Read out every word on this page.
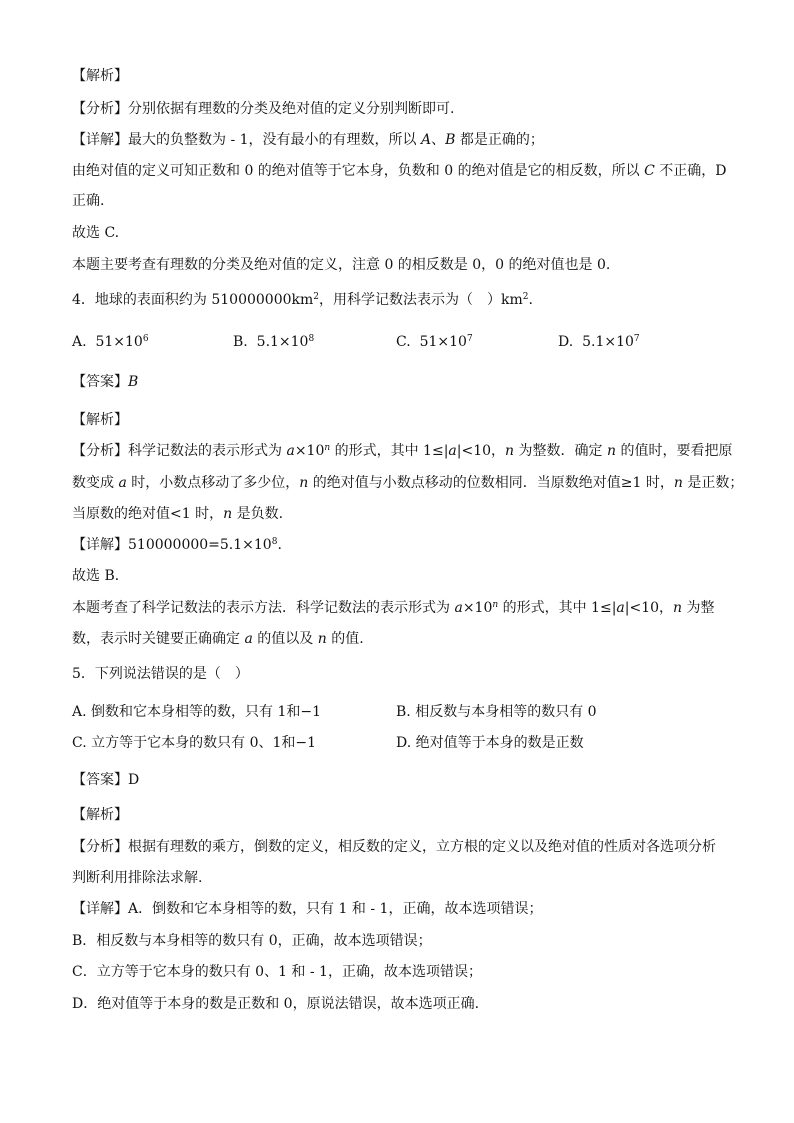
【解析】
【分析】分别依据有理数的分类及绝对值的定义分别判断即可.
【详解】最大的负整数为 - 1，没有最小的有理数，所以 A、B 都是正确的；
由绝对值的定义可知正数和 0 的绝对值等于它本身，负数和 0 的绝对值是它的相反数，所以 C 不正确，D
正确.
故选 C.
本题主要考查有理数的分类及绝对值的定义，注意 0 的相反数是 0，0 的绝对值也是 0.
4．地球的表面积约为 $510000000km^2$，用科学记数法表示为（　）$km^2$.
A. $51\times 10^6$	B. $5.1\times 10^8$	C. $51\times 10^7$	D. $5.1\times 10^7$
【答案】B
【解析】
【分析】科学记数法的表示形式为 $a\times 10^n$ 的形式，其中 1≤|a|<10，n 为整数．确定 n 的值时，要看把原
数变成 a 时，小数点移动了多少位，n 的绝对值与小数点移动的位数相同．当原数绝对值≥1 时，n 是正数；
当原数的绝对值<1 时，n 是负数.
【详解】$510000000=5.1\times 10^8$.
故选 B．
本题考查了科学记数法的表示方法．科学记数法的表示形式为 $a\times 10^n$ 的形式，其中 1≤|a|<10，n 为整
数，表示时关键要正确确定 a 的值以及 n 的值.
5．下列说法错误的是（　）
A. 倒数和它本身相等的数，只有 1和−1	B. 相反数与本身相等的数只有 0
C. 立方等于它本身的数只有 0、1和−1	D. 绝对值等于本身的数是正数
【答案】D
【解析】
【分析】根据有理数的乘方，倒数的定义，相反数的定义，立方根的定义以及绝对值的性质对各选项分析
判断利用排除法求解.
【详解】A．倒数和它本身相等的数，只有 1 和 - 1，正确，故本选项错误；
B．相反数与本身相等的数只有 0，正确，故本选项错误；
C．立方等于它本身的数只有 0、1 和 - 1，正确，故本选项错误；
D．绝对值等于本身的数是正数和 0，原说法错误，故本选项正确.
